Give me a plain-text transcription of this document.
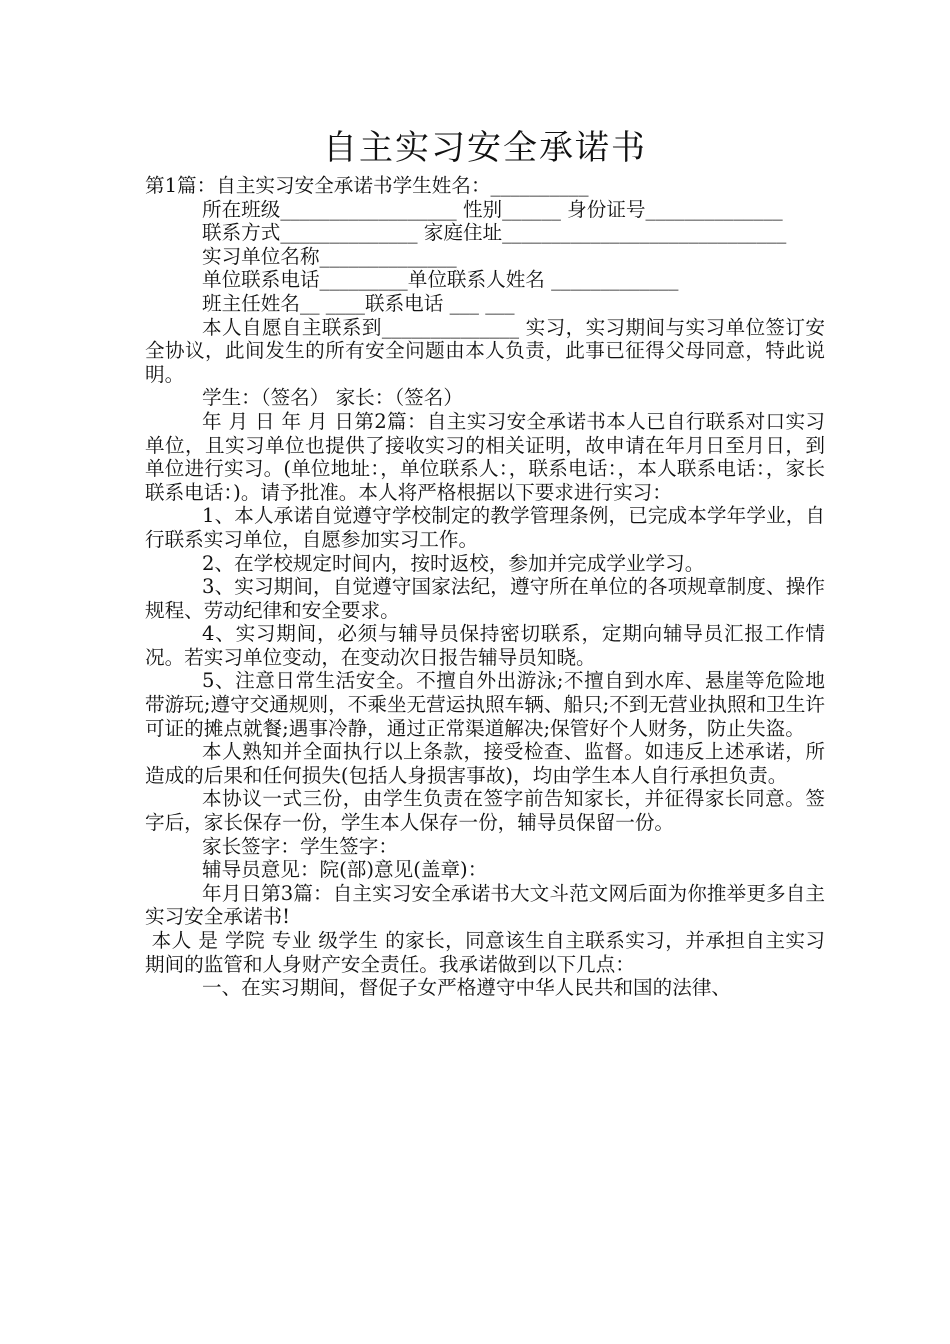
自主实习安全承诺书

第1篇：自主实习安全承诺书学生姓名：__________

所在班级__________________ 性别______ 身份证号______________

联系方式______________ 家庭住址_____________________________

实习单位名称______________

单位联系电话_________单位联系人姓名 _____________

班主任姓名__ ____联系电话 ___ ___

本人自愿自主联系到______________ 实习，实习期间与实习单位签订安全协议，此间发生的所有安全问题由本人负责，此事已征得父母同意，特此说明。

学生：（签名） 家长：（签名）

年 月 日 年 月 日第2篇：自主实习安全承诺书本人已自行联系对口实习单位，且实习单位也提供了接收实习的相关证明，故申请在年月日至月日，到单位进行实习。(单位地址：，单位联系人：，联系电话：，本人联系电话：，家长联系电话：)。请予批准。本人将严格根据以下要求进行实习：

1、本人承诺自觉遵守学校制定的教学管理条例，已完成本学年学业，自行联系实习单位，自愿参加实习工作。

2、在学校规定时间内，按时返校，参加并完成学业学习。

3、实习期间，自觉遵守国家法纪，遵守所在单位的各项规章制度、操作规程、劳动纪律和安全要求。

4、实习期间，必须与辅导员保持密切联系，定期向辅导员汇报工作情况。若实习单位变动，在变动次日报告辅导员知晓。

5、注意日常生活安全。不擅自外出游泳;不擅自到水库、悬崖等危险地带游玩;遵守交通规则，不乘坐无营运执照车辆、船只;不到无营业执照和卫生许可证的摊点就餐;遇事冷静，通过正常渠道解决;保管好个人财务，防止失盗。

本人熟知并全面执行以上条款，接受检查、监督。如违反上述承诺，所造成的后果和任何损失(包括人身损害事故)，均由学生本人自行承担负责。

本协议一式三份，由学生负责在签字前告知家长，并征得家长同意。签字后，家长保存一份，学生本人保存一份，辅导员保留一份。

家长签字：学生签字：

辅导员意见：院(部)意见(盖章)：

年月日第3篇：自主实习安全承诺书大文斗范文网后面为你推举更多自主实习安全承诺书!

本人 是 学院 专业 级学生 的家长，同意该生自主联系实习，并承担自主实习期间的监管和人身财产安全责任。我承诺做到以下几点：

一、在实习期间，督促子女严格遵守中华人民共和国的法律、
